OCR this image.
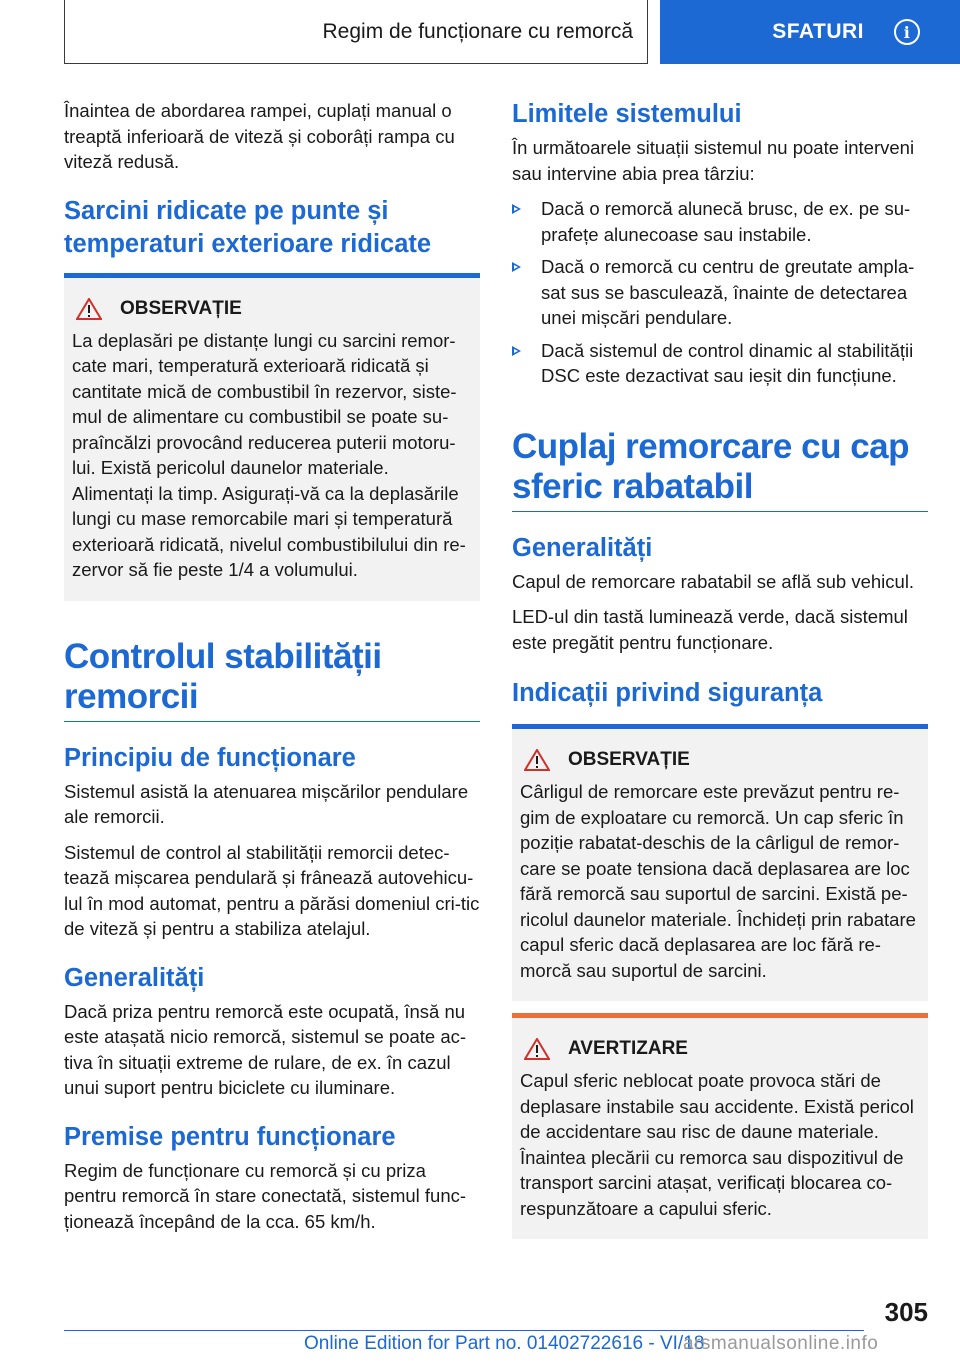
Regim de funcționare cu remorcă	SFATURI	i

Înaintea de abordarea rampei, cuplați manual o treaptă inferioară de viteză și coborâți rampa cu viteză redusă.

Sarcini ridicate pe punte și temperaturi exterioare ridicate
OBSERVAȚIE

La deplasări pe distanțe lungi cu sarcini remor-cate mari, temperatură exterioară ridicată și cantitate mică de combustibil în rezervor, siste-mul de alimentare cu combustibil se poate su-praîncălzi provocând reducerea puterii motoru-lui. Există pericolul daunelor materiale. Alimentați la timp. Asigurați-vă ca la deplasările lungi cu mase remorcabile mari și temperatură exterioară ridicată, nivelul combustibilului din re-zervor să fie peste 1/4 a volumului.

Controlul stabilității remorcii
Principiu de funcționare

Sistemul asistă la atenuarea mișcărilor pendulare ale remorcii.

Sistemul de control al stabilității remorcii detec-tează mișcarea pendulară și frânează autovehicu-lul în mod automat, pentru a părăsi domeniul cri-tic de viteză și pentru a stabiliza atelajul.

Generalități

Dacă priza pentru remorcă este ocupată, însă nu este atașată nicio remorcă, sistemul se poate ac-tiva în situații extreme de rulare, de ex. în cazul unui suport pentru biciclete cu iluminare.

Premise pentru funcționare

Regim de funcționare cu remorcă și cu priza pentru remorcă în stare conectată, sistemul func-ționează începând de la cca. 65 km/h.

Limitele sistemului

În următoarele situații sistemul nu poate interveni sau intervine abia prea târziu:

Dacă o remorcă alunecă brusc, de ex. pe su-prafețe alunecoase sau instabile.
Dacă o remorcă cu centru de greutate ampla-sat sus se basculează, înainte de detectarea unei mișcări pendulare.
Dacă sistemul de control dinamic al stabilității DSC este dezactivat sau ieșit din funcțiune.
Cuplaj remorcare cu cap sferic rabatabil
Generalități

Capul de remorcare rabatabil se află sub vehicul.

LED-ul din tastă luminează verde, dacă sistemul este pregătit pentru funcționare.

Indicații privind siguranța
OBSERVAȚIE

Cârligul de remorcare este prevăzut pentru re-gim de exploatare cu remorcă. Un cap sferic în poziție rabatat-deschis de la cârligul de remor-care se poate tensiona dacă deplasarea are loc fără remorcă sau suportul de sarcini. Există pe-ricolul daunelor materiale. Închideți prin rabatare capul sferic dacă deplasarea are loc fără re-morcă sau suportul de sarcini.

AVERTIZARE

Capul sferic neblocat poate provoca stări de deplasare instabile sau accidente. Există pericol de accidentare sau risc de daune materiale. Înaintea plecării cu remorca sau dispozitivul de transport sarcini atașat, verificați blocarea co-respunzătoare a capului sferic.

305
Online Edition for Part no. 01402722616 - VI/18
arsmanualsonline.info
